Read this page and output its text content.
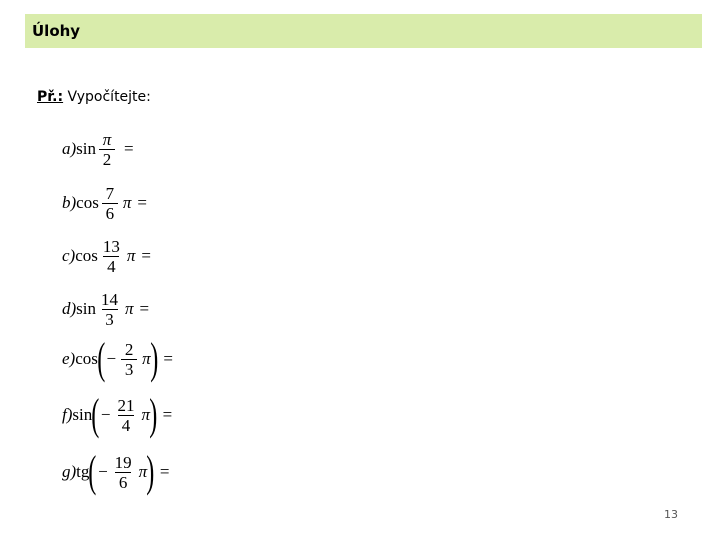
Úlohy
Př.: Vypočítejte:
a) $\sin \frac{\pi}{2}$ =
b) $\cos \frac{7}{6}$ π =
c) $\cos \frac{13}{4}$ π =
d) $\sin \frac{14}{3}$ π =
e) cos ( − $\frac{2}{3}$ π ) =
f) sin ( − $\frac{21}{4}$ π ) =
g) tg ( − $\frac{19}{6}$ π ) =
13
